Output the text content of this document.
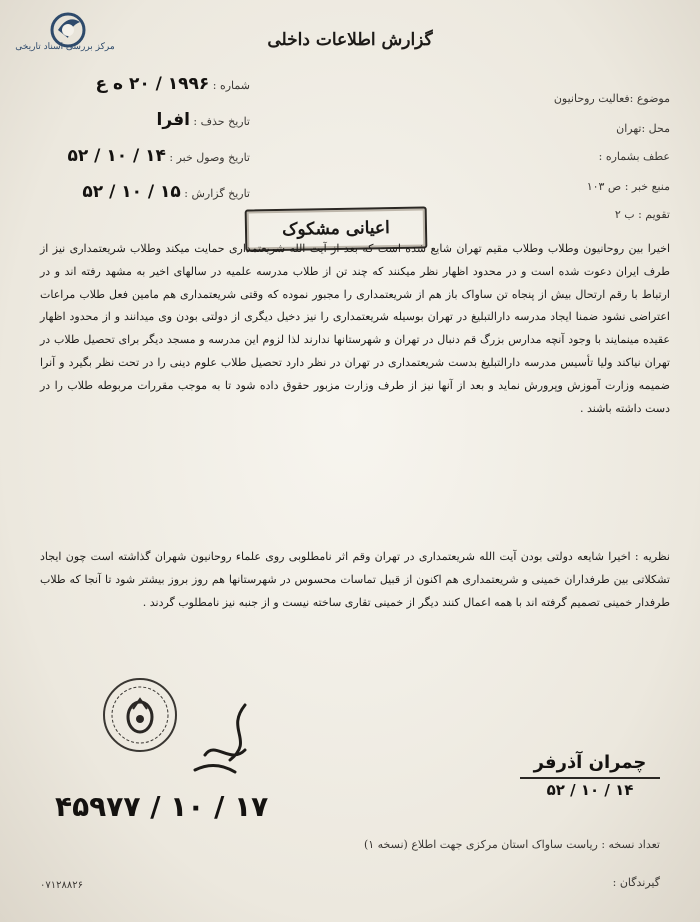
مرکز بررسی اسناد تاریخی	گزارش اطلاعات داخلی
شماره : ۱۹۹۶ / ۲۰ ه ع
تاریخ حذف : افرا
تاریخ وصول خبر : ۱۴ / ۱۰ / ۵۲
تاریخ گزارش : ۱۵ / ۱۰ / ۵۲
موضوع :فعالیت روحانیون
محل :تهران
عطف بشماره :
منبع خبر : ص ۱۰۳
تقویم : ب ۲
اعیانی مشکوک
اخیرا بین روحانیون وطلاب وطلاب مقیم تهران شایع شده است که بعد از آیت الله شریعتمداری حمایت میکند وطلاب شریعتمداری نیز از طرف ایران دعوت شده است و در محدود اظهار نظر میکنند که چند تن از طلاب مدرسه علمیه در سالهای اخیر به مشهد رفته اند و در ارتباط با رقم ارتحال بیش از پنجاه تن ساواک باز هم از شریعتمداری را مجبور نموده که وقتی شریعتمداری هم مامین فعل طلاب مراعات اعتراضی نشود ضمنا ایجاد مدرسه دارالتبلیغ در تهران بوسیله شریعتمداری را نیز دخیل دیگری از دولتی بودن وی میدانند و از محدود اظهار عقیده مینمایند با وجود آنچه مدارس بزرگ قم دنبال در تهران و شهرستانها ندارند لذا لزوم این مدرسه و مسجد دیگر برای تحصیل طلاب در تهران نیاکند ولیا تأسیس مدرسه دارالتبلیغ بدست شریعتمداری در تهران در نظر دارد تحصیل طلاب علوم دینی را در تحت نظر بگیرد و آنرا ضمیمه وزارت آموزش وپرورش نماید و بعد از آنها نیز از طرف وزارت مزبور حقوق داده شود تا به موجب مقررات مربوطه طلاب را در دست داشته باشند .
نظریه : اخیرا شایعه دولتی بودن آیت الله شریعتمداری در تهران وقم اثر نامطلوبی روی علماء روحانیون شهران گذاشته است چون ایجاد تشکلاتی بین طرفداران خمینی و شریعتمداری هم اکنون از قبیل تماسات محسوس در شهرستانها هم روز بروز بیشتر شود تا آنجا که طلاب طرفدار خمینی تصمیم گرفته اند با همه اعمال کنند دیگر از خمینی تقاری ساخته نیست و از جنبه نیز نامطلوب گردند .
۴۵۹۷۷ / ۱۰ / ۱۷
چمران آذرفر
۱۴ / ۱۰ / ۵۲
تعداد نسخه : ریاست ساواک استان مرکزی جهت اطلاع (نسخه ۱)
گیرندگان :
۰۷۱۲۸۸۲۶
